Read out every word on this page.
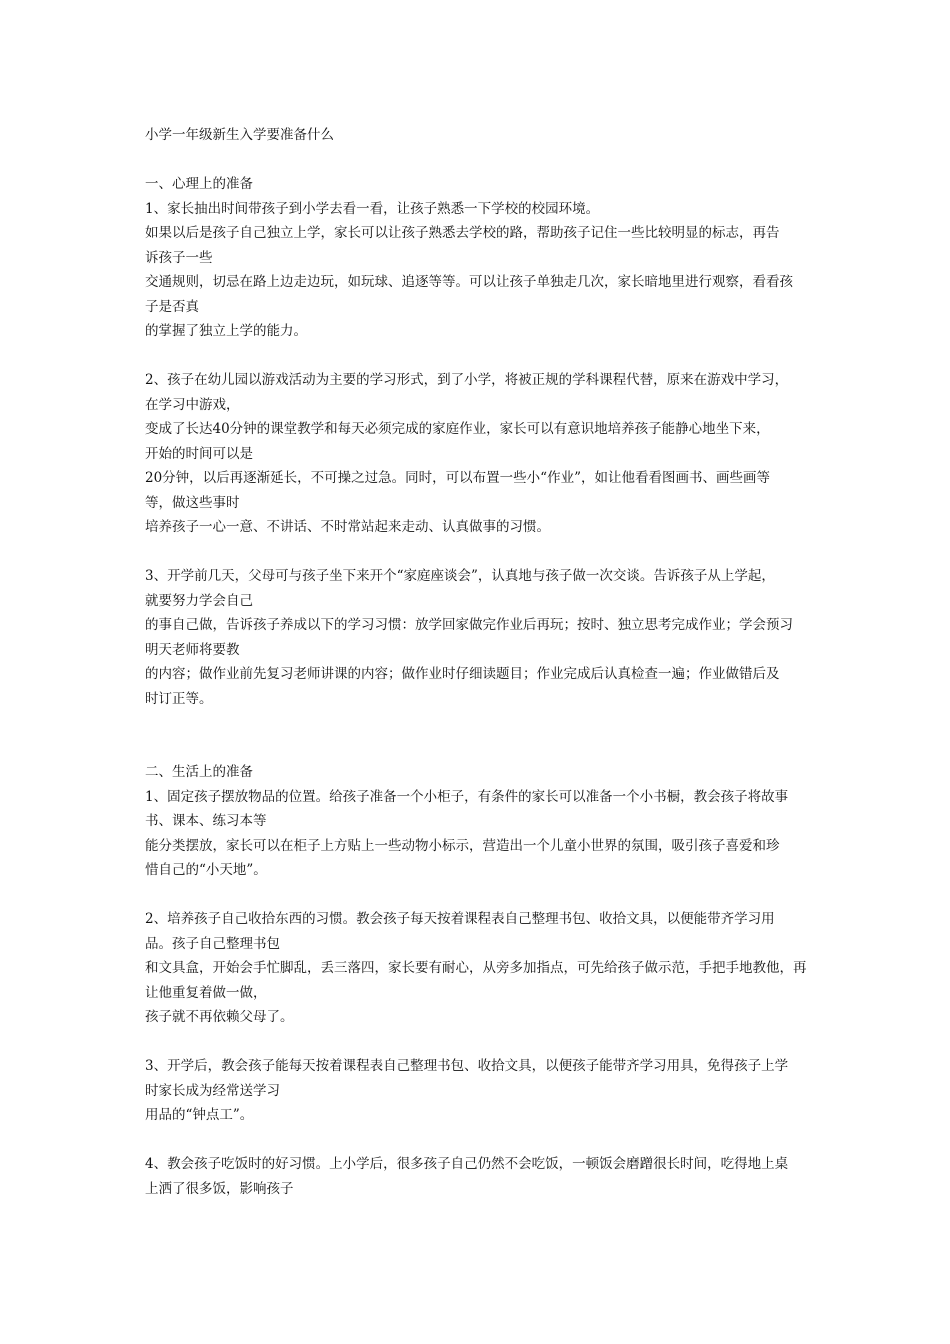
小学一年级新生入学要准备什么
一、心理上的准备
1、家长抽出时间带孩子到小学去看一看，让孩子熟悉一下学校的校园环境。
如果以后是孩子自己独立上学，家长可以让孩子熟悉去学校的路，帮助孩子记住一些比较明显的标志，再告
诉孩子一些
交通规则，切忌在路上边走边玩，如玩球、追逐等等。可以让孩子单独走几次，家长暗地里进行观察，看看孩
子是否真
的掌握了独立上学的能力。
2、孩子在幼儿园以游戏活动为主要的学习形式，到了小学，将被正规的学科课程代替，原来在游戏中学习，
在学习中游戏，
变成了长达40分钟的课堂教学和每天必须完成的家庭作业，家长可以有意识地培养孩子能静心地坐下来，
开始的时间可以是
20分钟，以后再逐渐延长，不可操之过急。同时，可以布置一些小“作业”，如让他看看图画书、画些画等
等，做这些事时
培养孩子一心一意、不讲话、不时常站起来走动、认真做事的习惯。
3、开学前几天，父母可与孩子坐下来开个“家庭座谈会”，认真地与孩子做一次交谈。告诉孩子从上学起，
就要努力学会自己
的事自己做，告诉孩子养成以下的学习习惯：放学回家做完作业后再玩；按时、独立思考完成作业；学会预习
明天老师将要教
的内容；做作业前先复习老师讲课的内容；做作业时仔细读题目；作业完成后认真检查一遍；作业做错后及
时订正等。
二、生活上的准备
1、固定孩子摆放物品的位置。给孩子准备一个小柜子，有条件的家长可以准备一个小书橱，教会孩子将故事
书、课本、练习本等
能分类摆放，家长可以在柜子上方贴上一些动物小标示，营造出一个儿童小世界的氛围，吸引孩子喜爱和珍
惜自己的“小天地”。
2、培养孩子自己收拾东西的习惯。教会孩子每天按着课程表自己整理书包、收拾文具，以便能带齐学习用
品。孩子自己整理书包
和文具盒，开始会手忙脚乱，丢三落四，家长要有耐心，从旁多加指点，可先给孩子做示范，手把手地教他，再
让他重复着做一做，
孩子就不再依赖父母了。
3、开学后，教会孩子能每天按着课程表自己整理书包、收拾文具，以便孩子能带齐学习用具，免得孩子上学
时家长成为经常送学习
用品的“钟点工”。
4、教会孩子吃饭时的好习惯。上小学后，很多孩子自己仍然不会吃饭，一顿饭会磨蹭很长时间，吃得地上桌
上洒了很多饭，影响孩子
